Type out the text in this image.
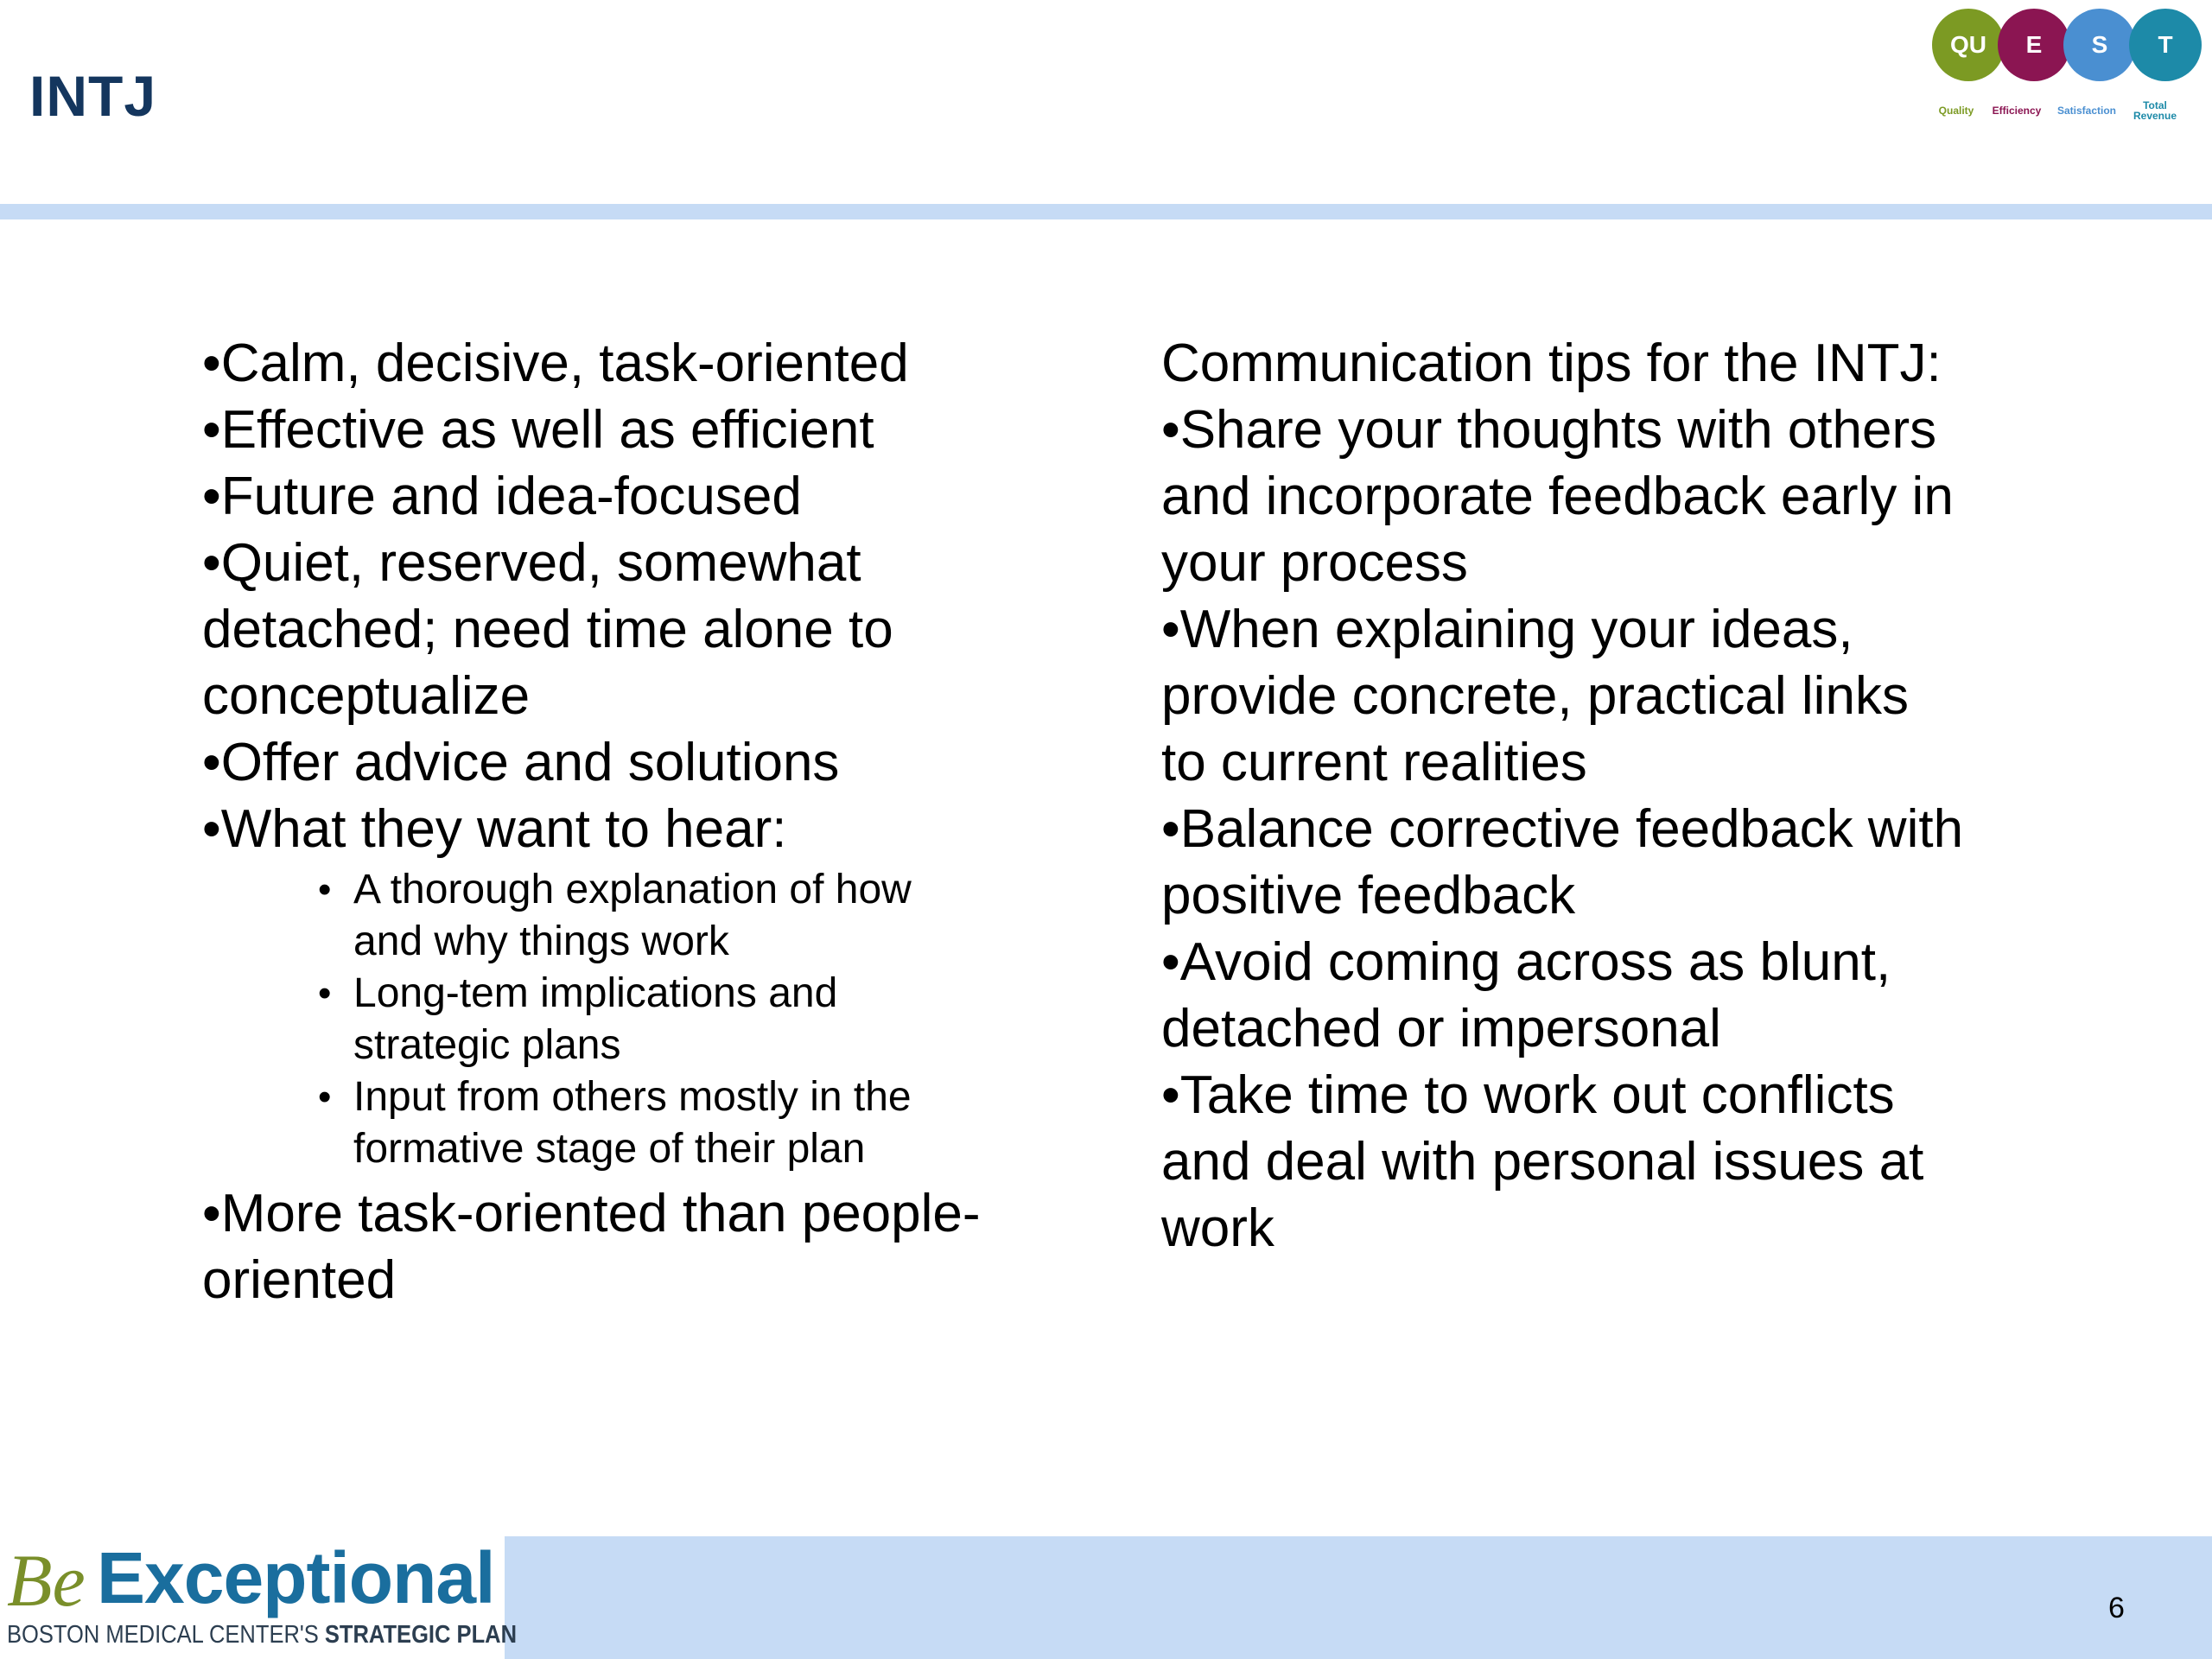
INTJ
QU	E	S	T
Quality	Efficiency	Satisfaction	Total Revenue
•Calm, decisive, task-oriented
•Effective as well as efficient
•Future and idea-focused
•Quiet, reserved, somewhat
detached; need time alone to
conceptualize
•Offer advice and solutions
•What they want to hear:
• A thorough explanation of how
and why things work
• Long-tem implications and
strategic plans
• Input from others mostly in the
formative stage of their plan
•More task-oriented than people-
oriented
Communication tips for the INTJ:
•Share your thoughts with others
and incorporate feedback early in
your process
•When explaining your ideas,
provide concrete, practical links
to current realities
•Balance corrective feedback with
positive feedback
•Avoid coming across as blunt,
detached or impersonal
•Take time to work out conflicts
and deal with personal issues at
work
Be Exceptional
BOSTON MEDICAL CENTER'S STRATEGIC PLAN
6
